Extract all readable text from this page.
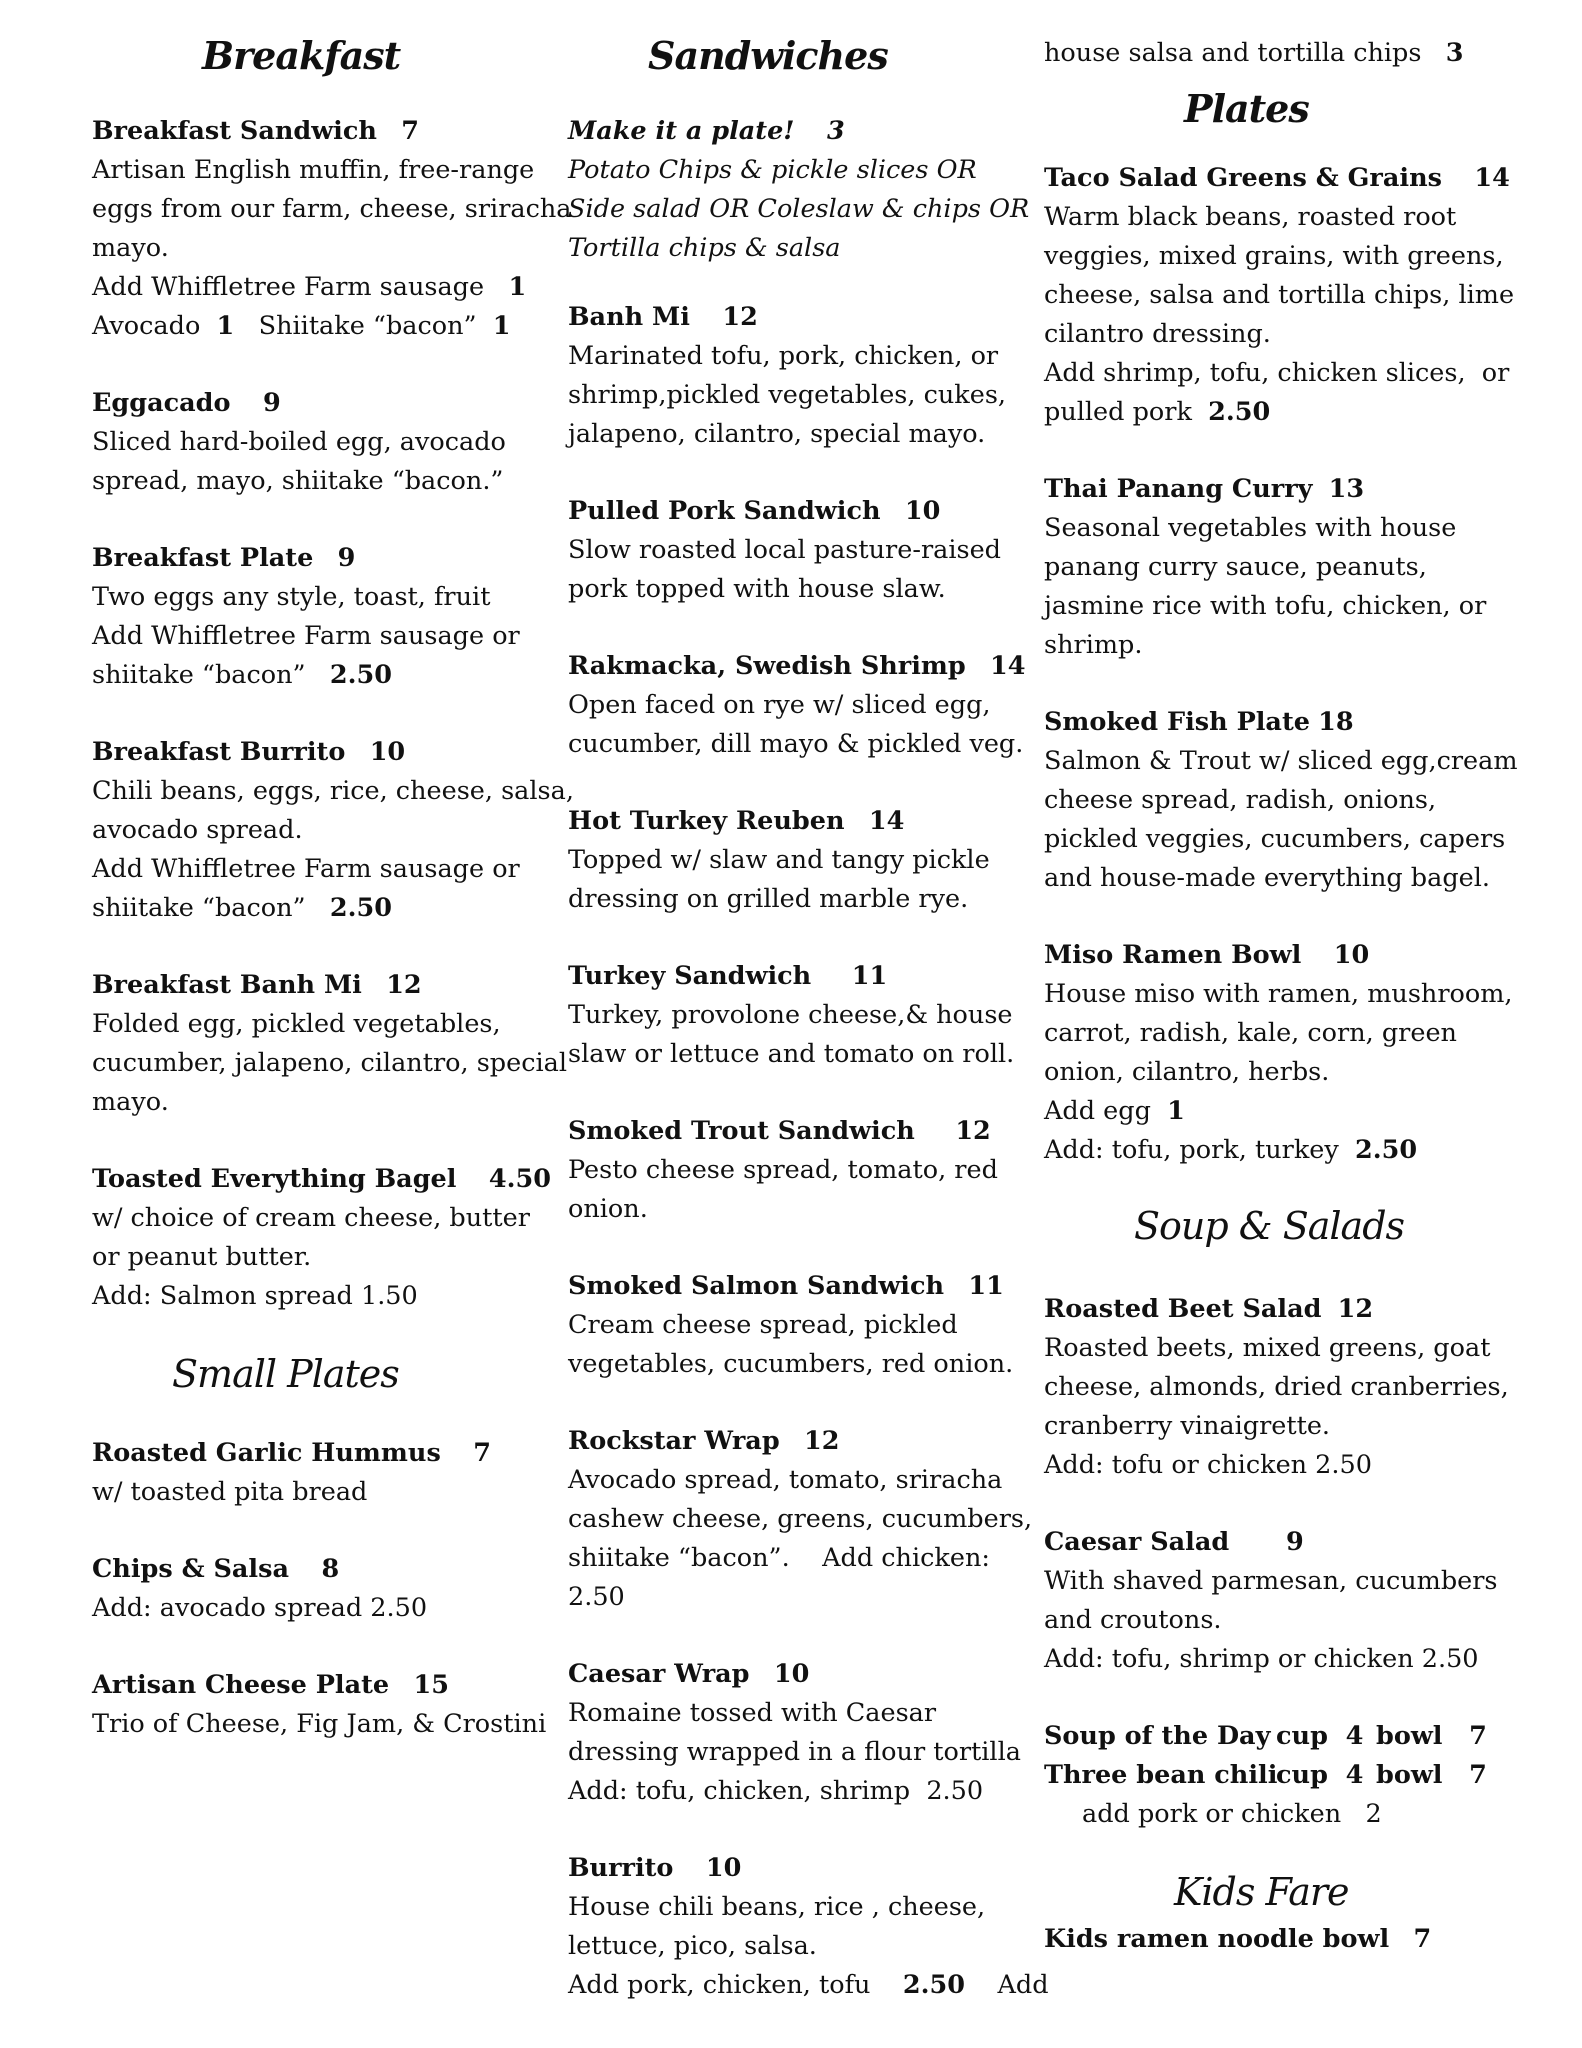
Breakfast
Breakfast Sandwich 7
Artisan English muffin, free-range
eggs from our farm, cheese, sriracha
mayo.
Add Whiffletree Farm sausage 1
Avocado 1 Shiitake “bacon” 1
Eggacado 9
Sliced hard-boiled egg, avocado
spread, mayo, shiitake “bacon.”
Breakfast Plate 9
Two eggs any style, toast, fruit
Add Whiffletree Farm sausage or
shiitake “bacon” 2.50
Breakfast Burrito 10
Chili beans, eggs, rice, cheese, salsa,
avocado spread.
Add Whiffletree Farm sausage or
shiitake “bacon” 2.50
Breakfast Banh Mi 12
Folded egg, pickled vegetables,
cucumber, jalapeno, cilantro, special
mayo.
Toasted Everything Bagel 4.50
w/ choice of cream cheese, butter
or peanut butter.
Add: Salmon spread 1.50
Small Plates
Roasted Garlic Hummus 7
w/ toasted pita bread
Chips & Salsa 8
Add: avocado spread 2.50
Artisan Cheese Plate 15
Trio of Cheese, Fig Jam, & Crostini
Sandwiches
Make it a plate! 3
Potato Chips & pickle slices OR
Side salad OR Coleslaw & chips OR
Tortilla chips & salsa
Banh Mi 12
Marinated tofu, pork, chicken, or
shrimp,pickled vegetables, cukes,
jalapeno, cilantro, special mayo.
Pulled Pork Sandwich 10
Slow roasted local pasture-raised
pork topped with house slaw.
Rakmacka, Swedish Shrimp 14
Open faced on rye w/ sliced egg,
cucumber, dill mayo & pickled veg.
Hot Turkey Reuben 14
Topped w/ slaw and tangy pickle
dressing on grilled marble rye.
Turkey Sandwich 11
Turkey, provolone cheese,& house
slaw or lettuce and tomato on roll.
Smoked Trout Sandwich 12
Pesto cheese spread, tomato, red
onion.
Smoked Salmon Sandwich 11
Cream cheese spread, pickled
vegetables, cucumbers, red onion.
Rockstar Wrap 12
Avocado spread, tomato, sriracha
cashew cheese, greens, cucumbers,
shiitake “bacon”.    Add chicken:
2.50
Caesar Wrap 10
Romaine tossed with Caesar
dressing wrapped in a flour tortilla
Add: tofu, chicken, shrimp  2.50
Burrito 10
House chili beans, rice , cheese,
lettuce, pico, salsa.
Add pork, chicken, tofu 2.50 Add
house salsa and tortilla chips 3
Plates
Taco Salad Greens & Grains 14
Warm black beans, roasted root
veggies, mixed grains, with greens,
cheese, salsa and tortilla chips, lime
cilantro dressing.
Add shrimp, tofu, chicken slices,  or
pulled pork 2.50
Thai Panang Curry 13
Seasonal vegetables with house
panang curry sauce, peanuts,
jasmine rice with tofu, chicken, or
shrimp.
Smoked Fish Plate 18
Salmon & Trout w/ sliced egg,cream
cheese spread, radish, onions,
pickled veggies, cucumbers, capers
and house-made everything bagel.
Miso Ramen Bowl 10
House miso with ramen, mushroom,
carrot, radish, kale, corn, green
onion, cilantro, herbs.
Add egg 1
Add: tofu, pork, turkey 2.50
Soup & Salads
Roasted Beet Salad 12
Roasted beets, mixed greens, goat
cheese, almonds, dried cranberries,
cranberry vinaigrette.
Add: tofu or chicken 2.50
Caesar Salad 9
With shaved parmesan, cucumbers
and croutons.
Add: tofu, shrimp or chicken 2.50
Soup of the Day cup  4 bowl   7
Three bean chilicup  4 bowl   7
add pork or chicken   2
Kids Fare
Kids ramen noodle bowl 7
